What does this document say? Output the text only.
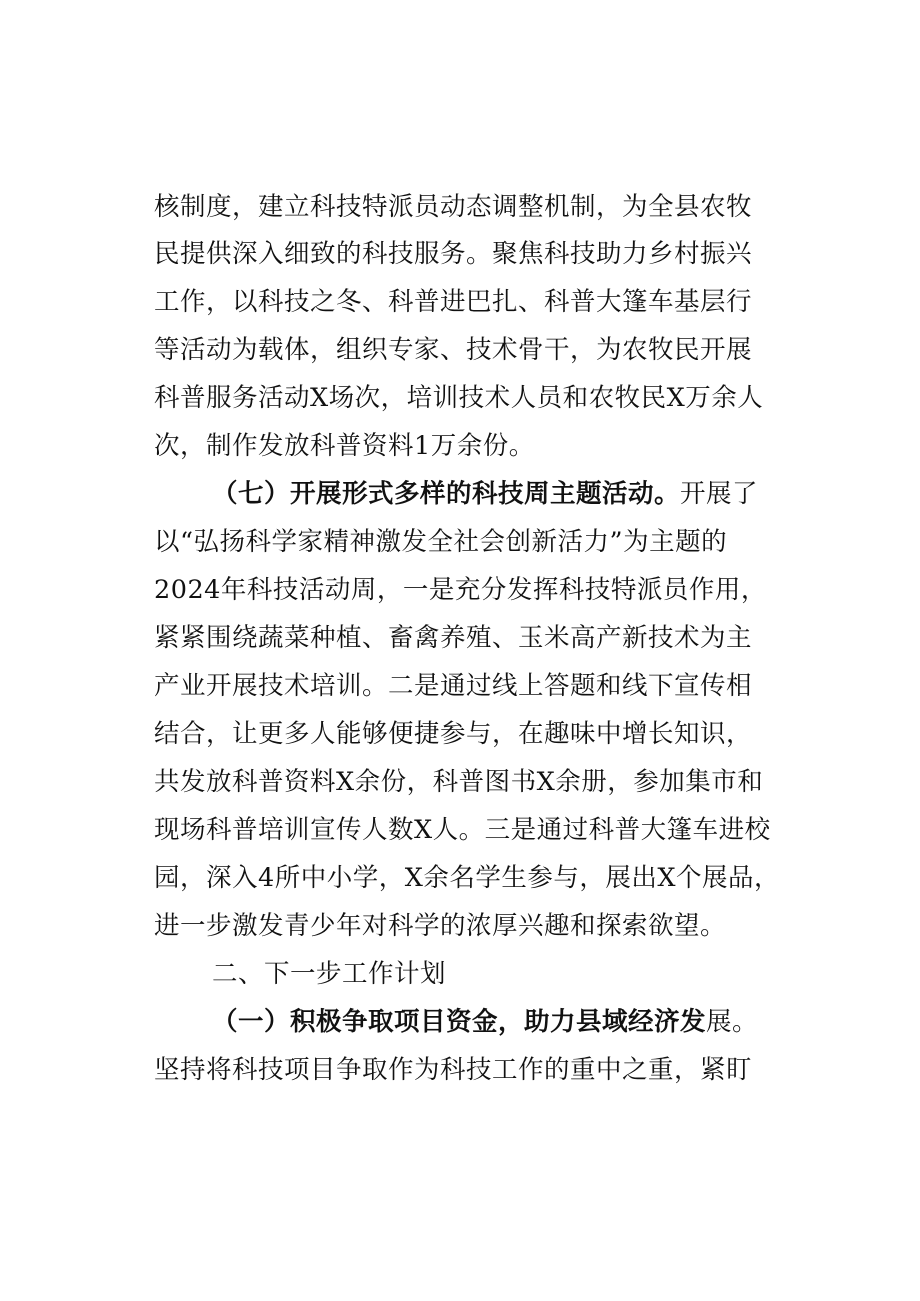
核制度，建立科技特派员动态调整机制，为全县农牧
民提供深入细致的科技服务。聚焦科技助力乡村振兴
工作，以科技之冬、科普进巴扎、科普大篷车基层行
等活动为载体，组织专家、技术骨干，为农牧民开展
科普服务活动X场次，培训技术人员和农牧民X万余人
次，制作发放科普资料1万余份。
（七）开展形式多样的科技周主题活动。开展了
以“弘扬科学家精神激发全社会创新活力”为主题的
2024年科技活动周，一是充分发挥科技特派员作用，
紧紧围绕蔬菜种植、畜禽养殖、玉米高产新技术为主
产业开展技术培训。二是通过线上答题和线下宣传相
结合，让更多人能够便捷参与，在趣味中增长知识，
共发放科普资料X余份，科普图书X余册，参加集市和
现场科普培训宣传人数X人。三是通过科普大篷车进校
园，深入4所中小学，X余名学生参与，展出X个展品，
进一步激发青少年对科学的浓厚兴趣和探索欲望。
二、下一步工作计划
（一）积极争取项目资金，助力县域经济发展。
坚持将科技项目争取作为科技工作的重中之重，紧盯
